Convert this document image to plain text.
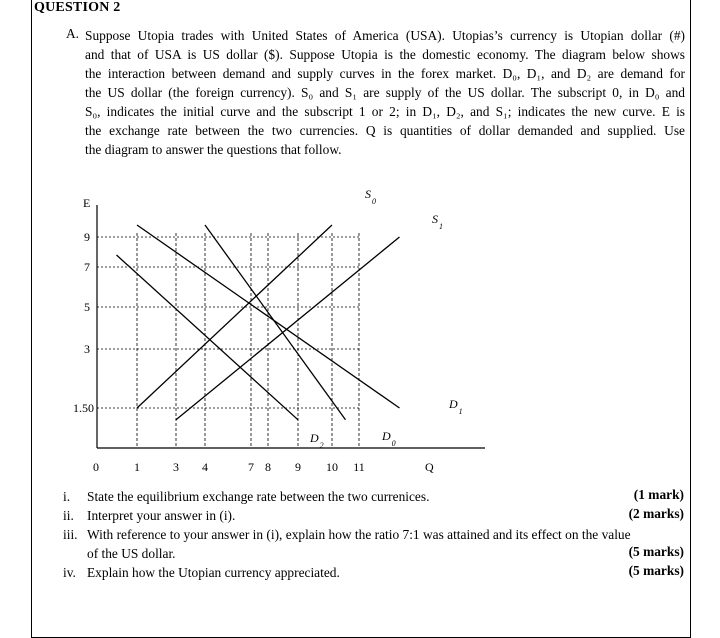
QUESTION 2
A. Suppose Utopia trades with United States of America (USA). Utopias’s currency is Utopian dollar (#)
and that of USA is US dollar ($). Suppose Utopia is the domestic economy. The diagram below shows
the interaction between demand and supply curves in the forex market. D₀, D₁, and D₂ are demand for
the US dollar (the foreign currency). S₀ and S₁ are supply of the US dollar. The subscript 0, in D₀ and
S₀, indicates the initial curve and the subscript 1 or 2; in D₁, D₂, and S₁; indicates the new curve. E is
the exchange rate between the two currencies. Q is quantities of dollar demanded and supplied. Use
the diagram to answer the questions that follow.
E
Q
9
7
5
3
1.50
0	1	3 4	7 8 9 10 11
$S_0$
$S_1$
$D_0$
$D_1$
$D_2$
i. State the equilibrium exchange rate between the two currenices.	(1 mark)
ii. Interpret your answer in (i).	(2 marks)
iii. With reference to your answer in (i), explain how the ratio 7:1 was attained and its effect on the value
of the US dollar.	(5 marks)
iv. Explain how the Utopian currency appreciated.	(5 marks)
